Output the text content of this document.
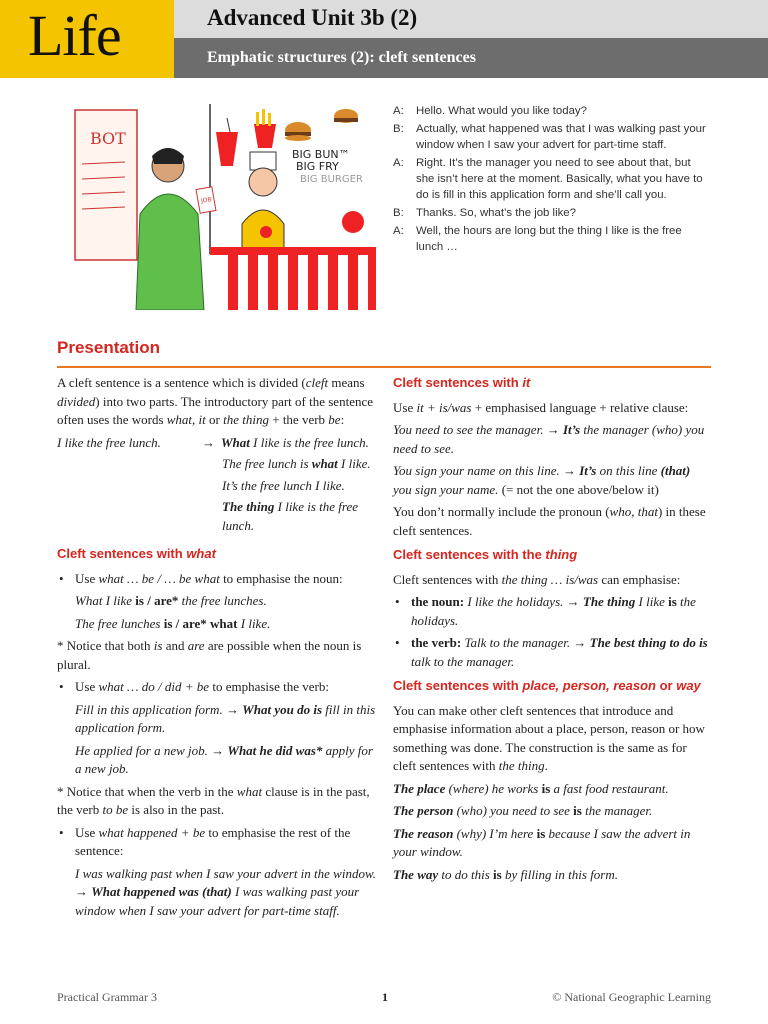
Life	Advanced Unit 3b (2)
Emphatic structures (2): cleft sentences
BOT
BIG BUN™
BIG FRY
BIG BURGER
JOB
A:	Hello. What would you like today?
B:	Actually, what happened was that I was walking past your window when I saw your advert for part-time staff.
A:	Right. It’s the manager you need to see about that, but she isn’t here at the moment. Basically, what you have to do is fill in this application form and she’ll call you.
B:	Thanks. So, what’s the job like?
A:	Well, the hours are long but the thing I like is the free lunch …
Presentation

A cleft sentence is a sentence which is divided (cleft means divided) into two parts. The introductory part of the sentence often uses the words what, it or the thing + the verb be:

I like the free lunch.	→ What I like is the free lunch.
The free lunch is what I like.
It’s the free lunch I like.
The thing I like is the free lunch.
Cleft sentences with what

• Use what … be / … be what to emphasise the noun:

What I like is / are* the free lunches.

The free lunches is / are* what I like.

* Notice that both is and are are possible when the noun is plural.

• Use what … do / did + be to emphasise the verb:

Fill in this application form. → What you do is fill in this application form.

He applied for a new job. → What he did was* apply for a new job.

* Notice that when the verb in the what clause is in the past, the verb to be is also in the past.

• Use what happened + be to emphasise the rest of the sentence:

I was walking past when I saw your advert in the window. → What happened was (that) I was walking past your window when I saw your advert for part-time staff.

Cleft sentences with it

Use it + is/was + emphasised language + relative clause:

You need to see the manager. → It’s the manager (who) you need to see.

You sign your name on this line. → It’s on this line (that) you sign your name. (= not the one above/below it)

You don’t normally include the pronoun (who, that) in these cleft sentences.

Cleft sentences with the thing

Cleft sentences with the thing … is/was can emphasise:

• the noun: I like the holidays. → The thing I like is the holidays.

• the verb: Talk to the manager. → The best thing to do is talk to the manager.

Cleft sentences with place, person, reason or way

You can make other cleft sentences that introduce and emphasise information about a place, person, reason or how something was done. The construction is the same as for cleft sentences with the thing.

The place (where) he works is a fast food restaurant.

The person (who) you need to see is the manager.

The reason (why) I’m here is because I saw the advert in your window.

The way to do this is by filling in this form.

Practical Grammar 3	1	© National Geographic Learning
